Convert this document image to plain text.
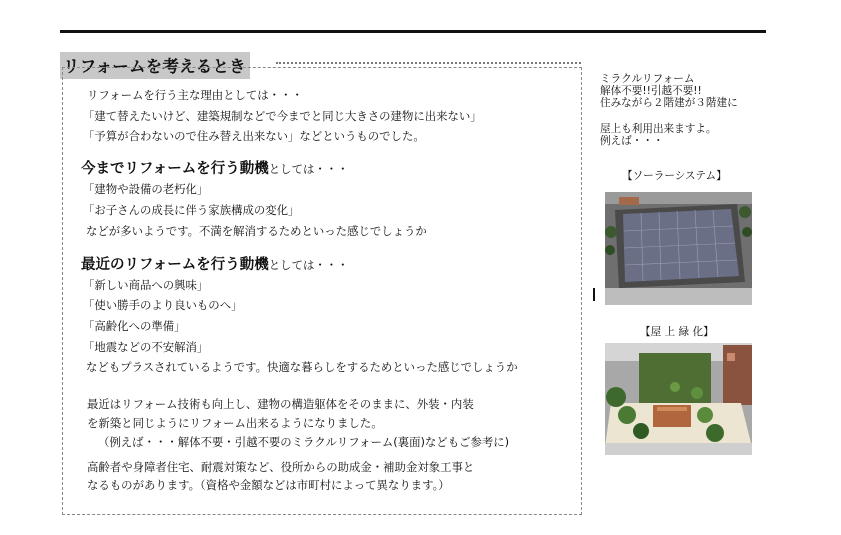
リフォームを考えるとき
リフォームを行う主な理由としては・・・
「建て替えたいけど、建築規制などで今までと同じ大きさの建物に出来ない」
「予算が合わないので住み替え出来ない」などというものでした。
今までリフォームを行う動機としては・・・
「建物や設備の老朽化」
「お子さんの成長に伴う家族構成の変化」
などが多いようです。不満を解消するためといった感じでしょうか
最近のリフォームを行う動機としては・・・
「新しい商品への興味」
「使い勝手のより良いものへ」
「高齢化への準備」
「地震などの不安解消」
などもプラスされているようです。快適な暮らしをするためといった感じでしょうか
最近はリフォーム技術も向上し、建物の構造躯体をそのままに、外装・内装
を新築と同じようにリフォーム出来るようになりました。
（例えば・・・解体不要・引越不要のミラクルリフォーム(裏面)などもご参考に)
高齢者や身障者住宅、耐震対策など、役所からの助成金・補助金対象工事と
なるものがあります。（資格や金額などは市町村によって異なります。）
ミラクルリフォーム
解体不要!!引越不要!!
住みながら２階建が３階建に
屋上も利用出来ますよ。
例えば・・・
【ソーラーシステム】
【屋 上 緑 化】
